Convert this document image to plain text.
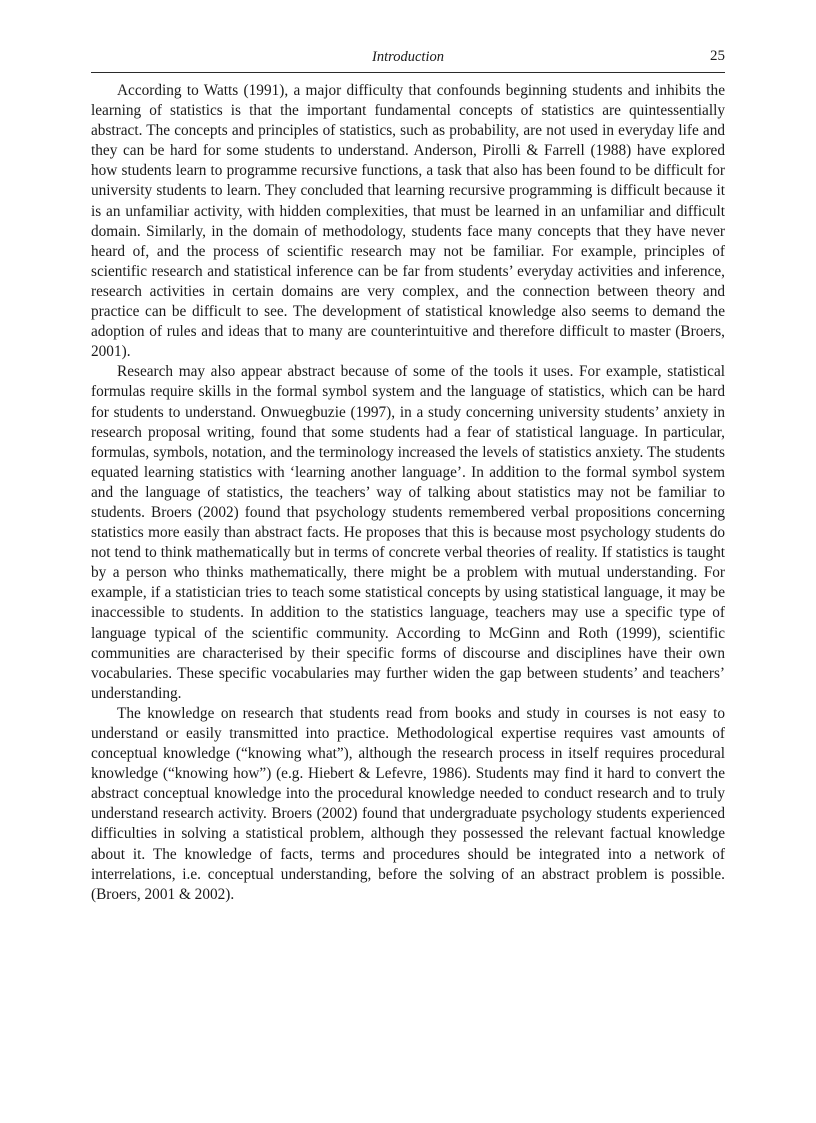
Introduction	25

According to Watts (1991), a major difficulty that confounds beginning students and inhibits the learning of statistics is that the important fundamental concepts of statistics are quintessentially abstract. The concepts and principles of statistics, such as probability, are not used in everyday life and they can be hard for some students to understand. Anderson, Pirolli & Farrell (1988) have explored how students learn to programme recursive functions, a task that also has been found to be difficult for university students to learn. They concluded that learning recursive programming is difficult because it is an unfamiliar activity, with hidden complexities, that must be learned in an unfamiliar and difficult domain. Similarly, in the domain of methodology, students face many concepts that they have never heard of, and the process of scientific research may not be familiar. For example, principles of scientific research and statistical inference can be far from students’ everyday activities and inference, research activities in certain domains are very complex, and the connection between theory and practice can be difficult to see. The development of statistical knowledge also seems to demand the adoption of rules and ideas that to many are counterintuitive and therefore difficult to master (Broers, 2001).

Research may also appear abstract because of some of the tools it uses. For example, statistical formulas require skills in the formal symbol system and the language of statistics, which can be hard for students to understand. Onwuegbuzie (1997), in a study concerning university students’ anxiety in research proposal writing, found that some students had a fear of statistical language. In particular, formulas, symbols, notation, and the terminology increased the levels of statistics anxiety. The students equated learning statistics with ‘learning another language’. In addition to the formal symbol system and the language of statistics, the teachers’ way of talking about statistics may not be familiar to students. Broers (2002) found that psychology students remembered verbal propositions concerning statistics more easily than abstract facts. He proposes that this is because most psychology students do not tend to think mathematically but in terms of concrete verbal theories of reality. If statistics is taught by a person who thinks mathematically, there might be a problem with mutual understanding. For example, if a statistician tries to teach some statistical concepts by using statistical language, it may be inaccessible to students. In addition to the statistics language, teachers may use a specific type of language typical of the scientific community. According to McGinn and Roth (1999), scientific communities are characterised by their specific forms of discourse and disciplines have their own vocabularies. These specific vocabularies may further widen the gap between students’ and teachers’ understanding.

The knowledge on research that students read from books and study in courses is not easy to understand or easily transmitted into practice. Methodological expertise requires vast amounts of conceptual knowledge (“knowing what”), although the research process in itself requires procedural knowledge (“knowing how”) (e.g. Hiebert & Lefevre, 1986). Students may find it hard to convert the abstract conceptual knowledge into the procedural knowledge needed to conduct research and to truly understand research activity. Broers (2002) found that undergraduate psychology students experienced difficulties in solving a statistical problem, although they possessed the relevant factual knowledge about it. The knowledge of facts, terms and procedures should be integrated into a network of interrelations, i.e. conceptual understanding, before the solving of an abstract problem is possible. (Broers, 2001 & 2002).
